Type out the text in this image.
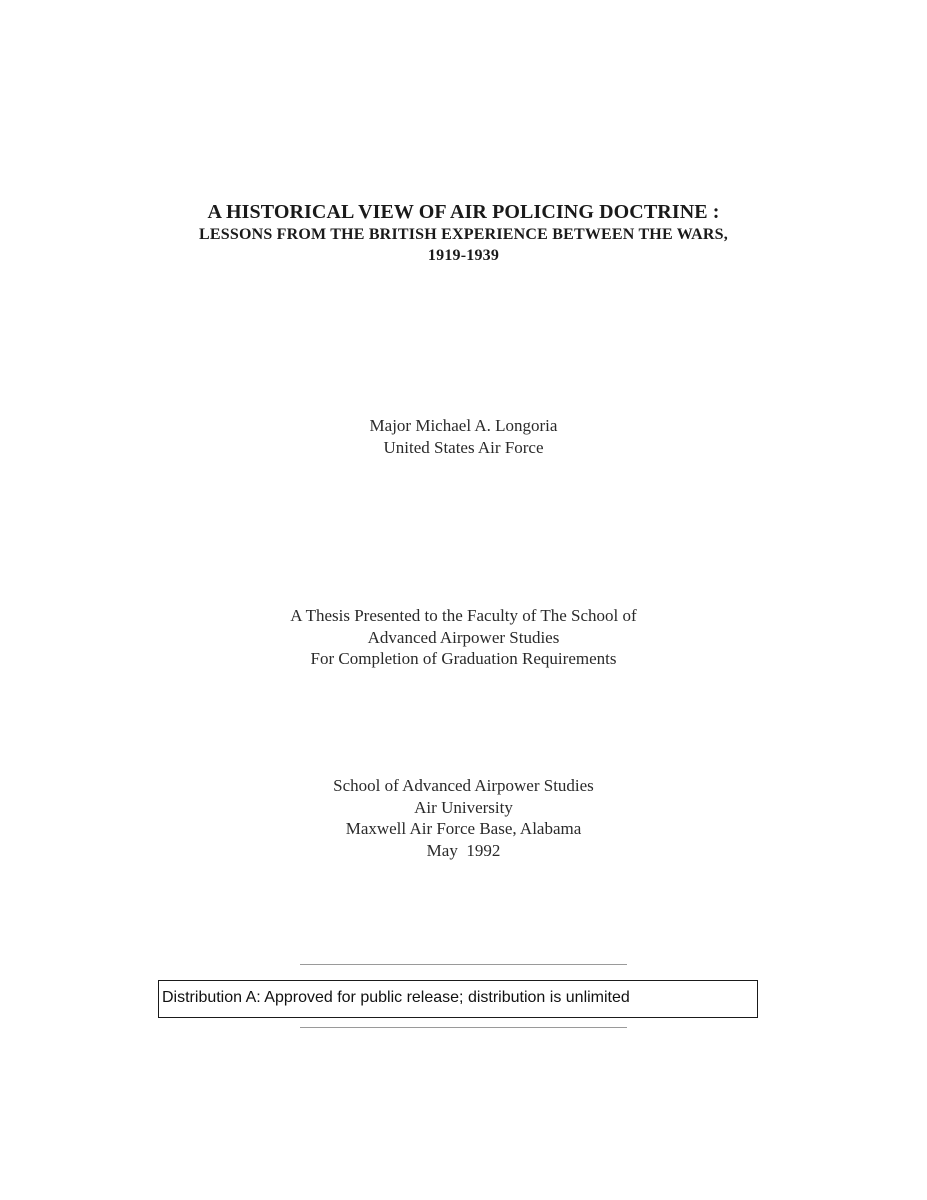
A HISTORICAL VIEW OF AIR POLICING DOCTRINE :
LESSONS FROM THE BRITISH EXPERIENCE BETWEEN THE WARS,
1919-1939
Major Michael A. Longoria
United States Air Force
A Thesis Presented to the Faculty of The School of
Advanced Airpower Studies
For Completion of Graduation Requirements
School of Advanced Airpower Studies
Air University
Maxwell Air Force Base, Alabama
May  1992
Distribution A: Approved for public release; distribution is unlimited
